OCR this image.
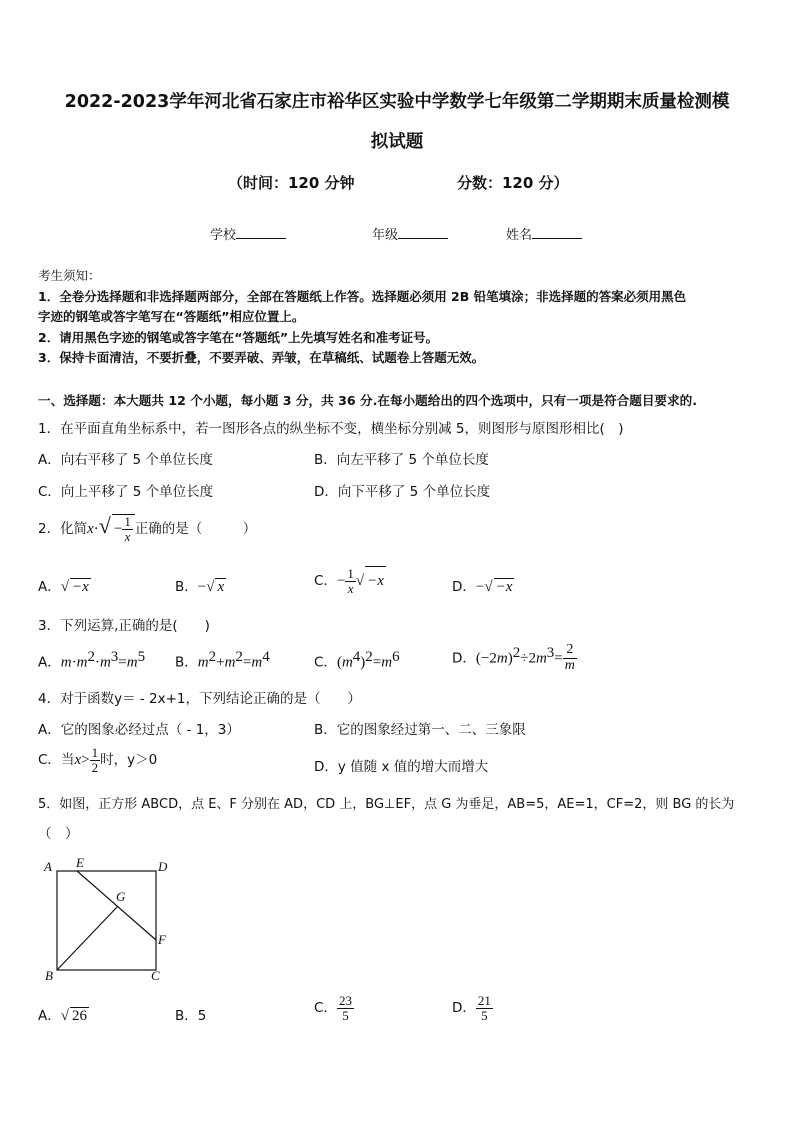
2022-2023学年河北省石家庄市裕华区实验中学数学七年级第二学期期末质量检测模
拟试题
（时间：120 分钟	分数：120 分）
学校	年级	姓名
考生须知：
1．全卷分选择题和非选择题两部分，全部在答题纸上作答。选择题必须用 2B 铅笔填涂；非选择题的答案必须用黑色
字迹的钢笔或答字笔写在“答题纸”相应位置上。
2．请用黑色字迹的钢笔或答字笔在“答题纸”上先填写姓名和准考证号。
3．保持卡面清洁，不要折叠，不要弄破、弄皱，在草稿纸、试题卷上答题无效。
一、选择题：本大题共 12 个小题，每小题 3 分，共 36 分.在每小题给出的四个选项中，只有一项是符合题目要求的.
1．在平面直角坐标系中，若一图形各点的纵坐标不变，横坐标分别减 5，则图形与原图形相比(　)
A．向右平移了 5 个单位长度	B．向左平移了 5 个单位长度
C．向上平移了 5 个单位长度	D．向下平移了 5 个单位长度
2．化简$x\cdot√ - \frac{1}{x}$ 正确的是（　　　）
A．√ −x	B．−√ x	C．− $\frac{1}{x}$ √ −x	D．−√ −x
3．下列运算,正确的是(　　)
A．$m\cdot m^2\cdot m^3=m^5$ B．$m^2+m^2=m^4$	C．$(m^4)^2=m^6$	D．$(-2m)^2\div 2m^3= \frac{2}{m}$
4．对于函数y＝ - 2x+1，下列结论正确的是（　　）
A．它的图象必经过点（ - 1，3）	B．它的图象经过第一、二、三象限
C．当$x> \frac{1}{2}$ 时，y＞0	D．y 值随 x 值的增大而增大
5．如图，正方形 ABCD，点 E、F 分别在 AD，CD 上，BG⊥EF，点 G 为垂足，AB=5，AE=1，CF=2，则 BG 的长为
（　）
A E	D
G
F
B	C
A．√ 26	B．5	C． $\frac{23}{5}$	D． $\frac{21}{5}$
